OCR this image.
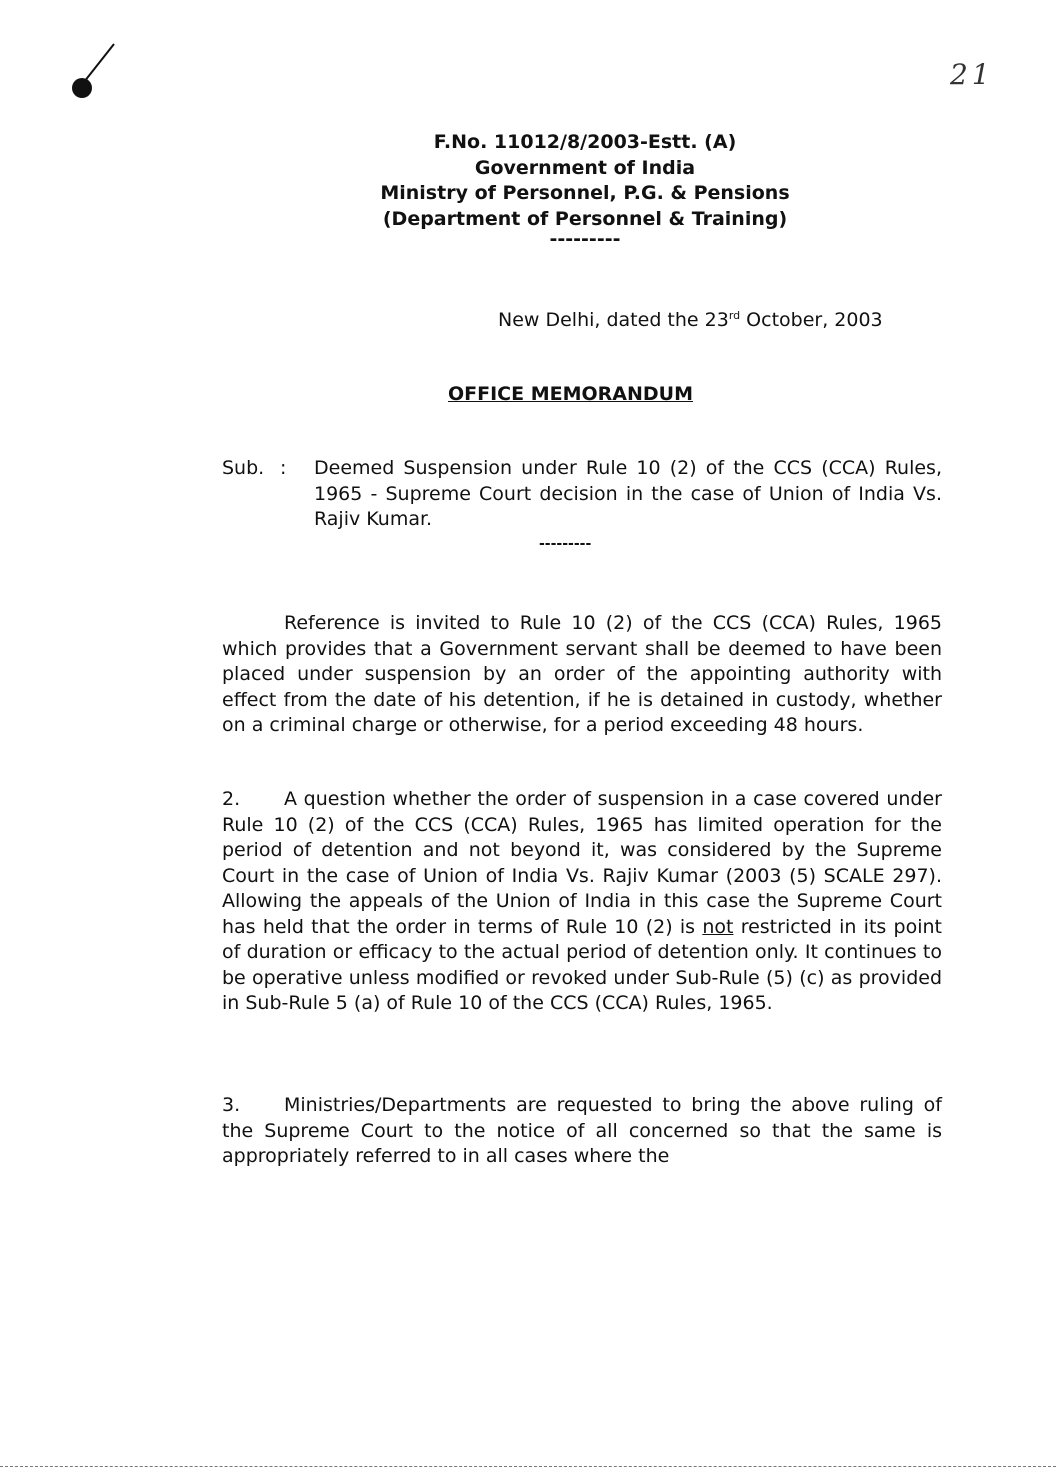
21
F.No. 11012/8/2003-Estt. (A)
Government of India
Ministry of Personnel, P.G. & Pensions
(Department of Personnel & Training)
---------
New Delhi, dated the 23rd October, 2003
OFFICE MEMORANDUM
Sub. : Deemed Suspension under Rule 10 (2) of the CCS (CCA) Rules, 1965 - Supreme Court decision in the case of Union of India Vs. Rajiv Kumar.
---------
Reference is invited to Rule 10 (2) of the CCS (CCA) Rules, 1965 which provides that a Government servant shall be deemed to have been placed under suspension by an order of the appointing authority with effect from the date of his detention, if he is detained in custody, whether on a criminal charge or otherwise, for a period exceeding 48 hours.
2. A question whether the order of suspension in a case covered under Rule 10 (2) of the CCS (CCA) Rules, 1965 has limited operation for the period of detention and not beyond it, was considered by the Supreme Court in the case of Union of India Vs. Rajiv Kumar (2003 (5) SCALE 297). Allowing the appeals of the Union of India in this case the Supreme Court has held that the order in terms of Rule 10 (2) is not restricted in its point of duration or efficacy to the actual period of detention only. It continues to be operative unless modified or revoked under Sub-Rule (5) (c) as provided in Sub-Rule 5 (a) of Rule 10 of the CCS (CCA) Rules, 1965.
3. Ministries/Departments are requested to bring the above ruling of the Supreme Court to the notice of all concerned so that the same is appropriately referred to in all cases where the
